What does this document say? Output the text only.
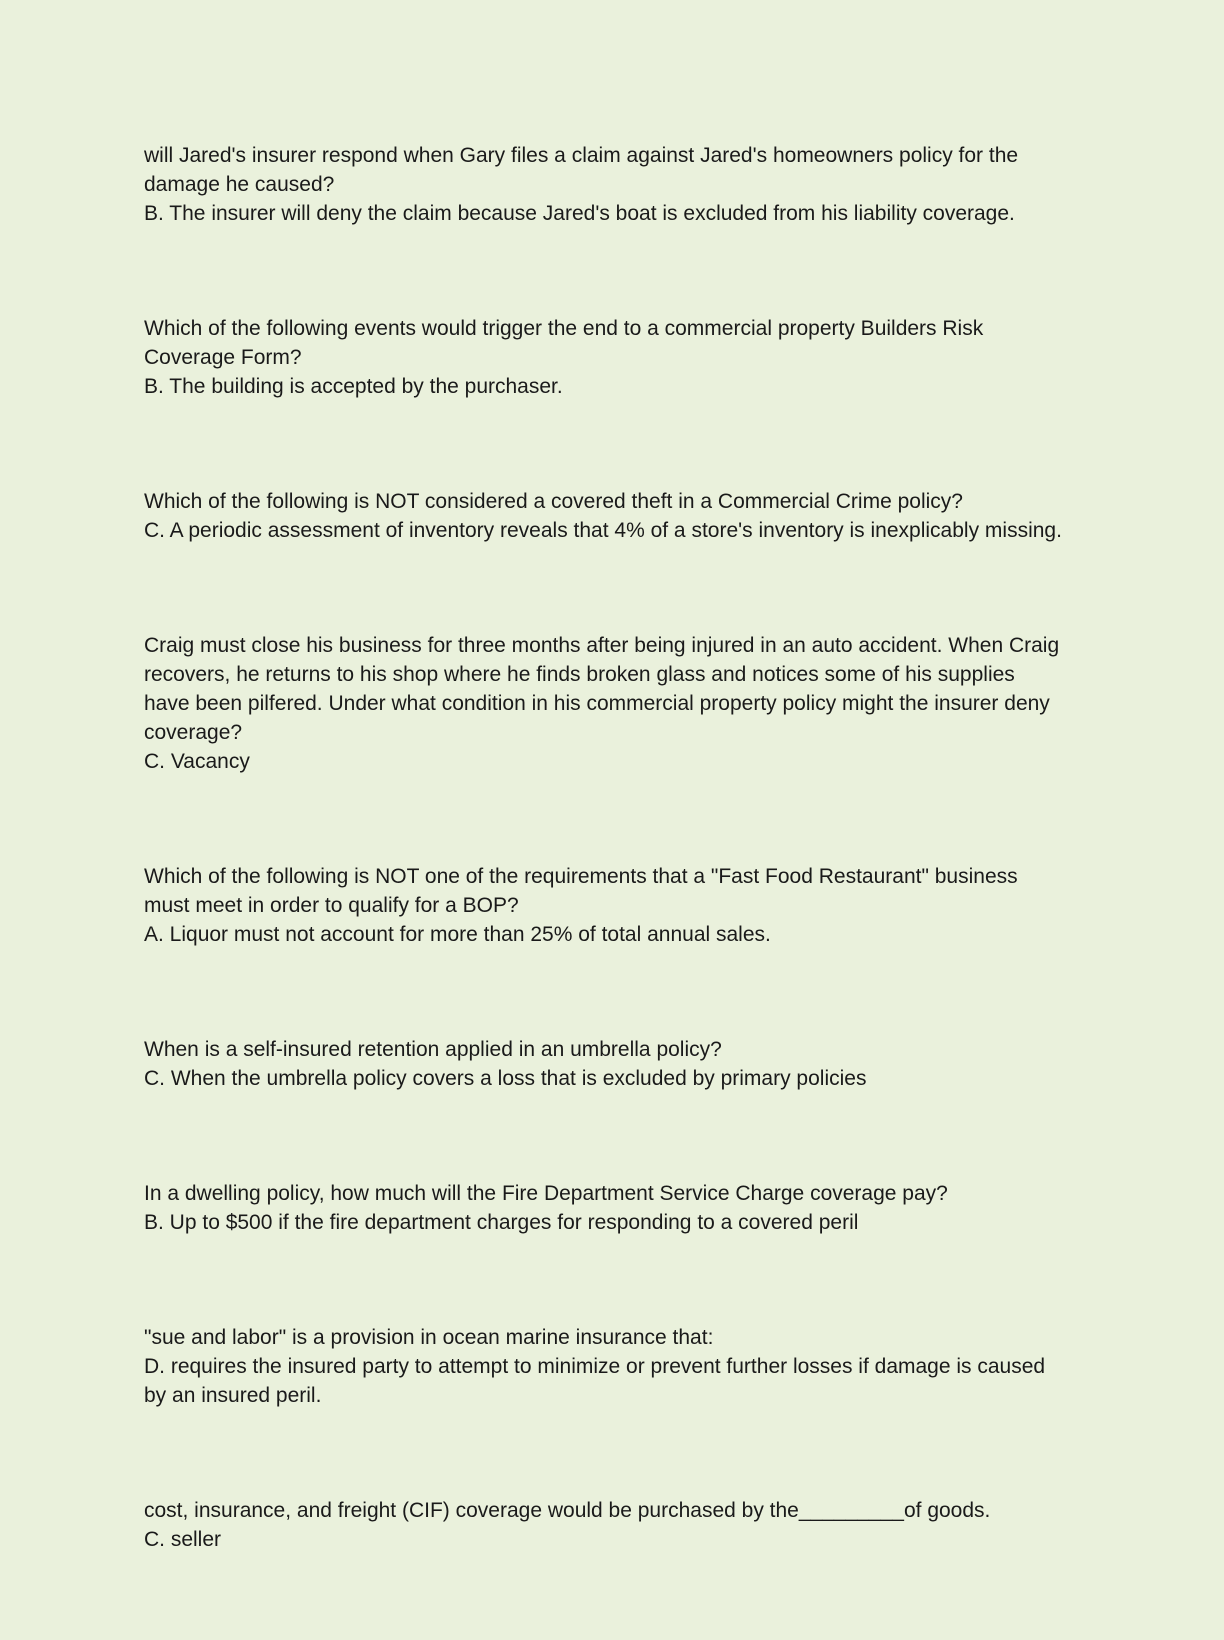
will Jared's insurer respond when Gary files a claim against Jared's homeowners policy for the damage he caused?

B. The insurer will deny the claim because Jared's boat is excluded from his liability coverage.

Which of the following events would trigger the end to a commercial property Builders Risk Coverage Form?

B. The building is accepted by the purchaser.

Which of the following is NOT considered a covered theft in a Commercial Crime policy?

C. A periodic assessment of inventory reveals that 4% of a store's inventory is inexplicably missing.

Craig must close his business for three months after being injured in an auto accident. When Craig recovers, he returns to his shop where he finds broken glass and notices some of his supplies have been pilfered. Under what condition in his commercial property policy might the insurer deny coverage?

C. Vacancy

Which of the following is NOT one of the requirements that a "Fast Food Restaurant" business must meet in order to qualify for a BOP?

A. Liquor must not account for more than 25% of total annual sales.

When is a self-insured retention applied in an umbrella policy?

C. When the umbrella policy covers a loss that is excluded by primary policies

In a dwelling policy, how much will the Fire Department Service Charge coverage pay?

B. Up to $500 if the fire department charges for responding to a covered peril

"sue and labor" is a provision in ocean marine insurance that:

D. requires the insured party to attempt to minimize or prevent further losses if damage is caused by an insured peril.

cost, insurance, and freight (CIF) coverage would be purchased by the_________of goods.

C. seller
